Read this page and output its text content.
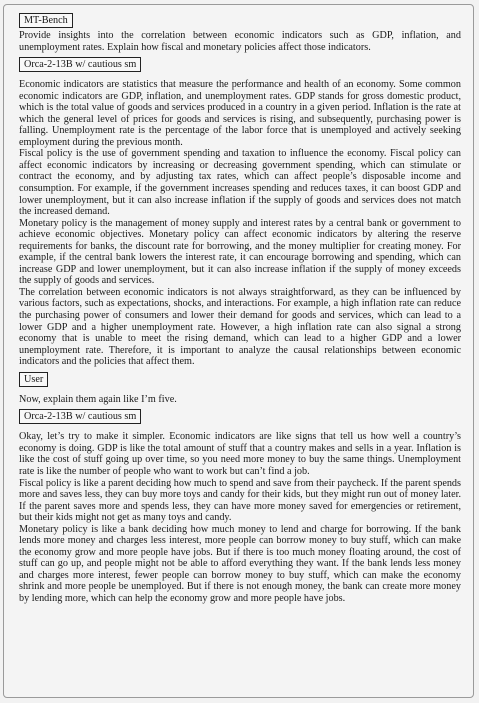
MT-Bench

Provide insights into the correlation between economic indicators such as GDP, inflation, and unemployment rates. Explain how fiscal and monetary policies affect those indicators.

Orca-2-13B w/ cautious sm

Economic indicators are statistics that measure the performance and health of an economy. Some common economic indicators are GDP, inflation, and unemployment rates. GDP stands for gross domestic product, which is the total value of goods and services produced in a country in a given period. Inflation is the rate at which the general level of prices for goods and services is rising, and subsequently, purchasing power is falling. Unemployment rate is the percentage of the labor force that is unemployed and actively seeking employment during the previous month.

Fiscal policy is the use of government spending and taxation to influence the economy. Fiscal policy can affect economic indicators by increasing or decreasing government spending, which can stimulate or contract the economy, and by adjusting tax rates, which can affect people’s disposable income and consumption. For example, if the government increases spending and reduces taxes, it can boost GDP and lower unemployment, but it can also increase inflation if the supply of goods and services does not match the increased demand.

Monetary policy is the management of money supply and interest rates by a central bank or government to achieve economic objectives. Monetary policy can affect economic indicators by altering the reserve requirements for banks, the discount rate for borrowing, and the money multiplier for creating money. For example, if the central bank lowers the interest rate, it can encourage borrowing and spending, which can increase GDP and lower unemployment, but it can also increase inflation if the supply of money exceeds the supply of goods and services.

The correlation between economic indicators is not always straightforward, as they can be influenced by various factors, such as expectations, shocks, and interactions. For example, a high inflation rate can reduce the purchasing power of consumers and lower their demand for goods and services, which can lead to a lower GDP and a higher unemployment rate. However, a high inflation rate can also signal a strong economy that is unable to meet the rising demand, which can lead to a higher GDP and a lower unemployment rate. Therefore, it is important to analyze the causal relationships between economic indicators and the policies that affect them.

User

Now, explain them again like I’m five.

Orca-2-13B w/ cautious sm

Okay, let’s try to make it simpler. Economic indicators are like signs that tell us how well a country’s economy is doing. GDP is like the total amount of stuff that a country makes and sells in a year. Inflation is like the cost of stuff going up over time, so you need more money to buy the same things. Unemployment rate is like the number of people who want to work but can’t find a job.

Fiscal policy is like a parent deciding how much to spend and save from their paycheck. If the parent spends more and saves less, they can buy more toys and candy for their kids, but they might run out of money later. If the parent saves more and spends less, they can have more money saved for emergencies or retirement, but their kids might not get as many toys and candy.

Monetary policy is like a bank deciding how much money to lend and charge for borrowing. If the bank lends more money and charges less interest, more people can borrow money to buy stuff, which can make the economy grow and more people have jobs. But if there is too much money floating around, the cost of stuff can go up, and people might not be able to afford everything they want. If the bank lends less money and charges more interest, fewer people can borrow money to buy stuff, which can make the economy shrink and more people be unemployed. But if there is not enough money, the bank can create more money by lending more, which can help the economy grow and more people have jobs.
